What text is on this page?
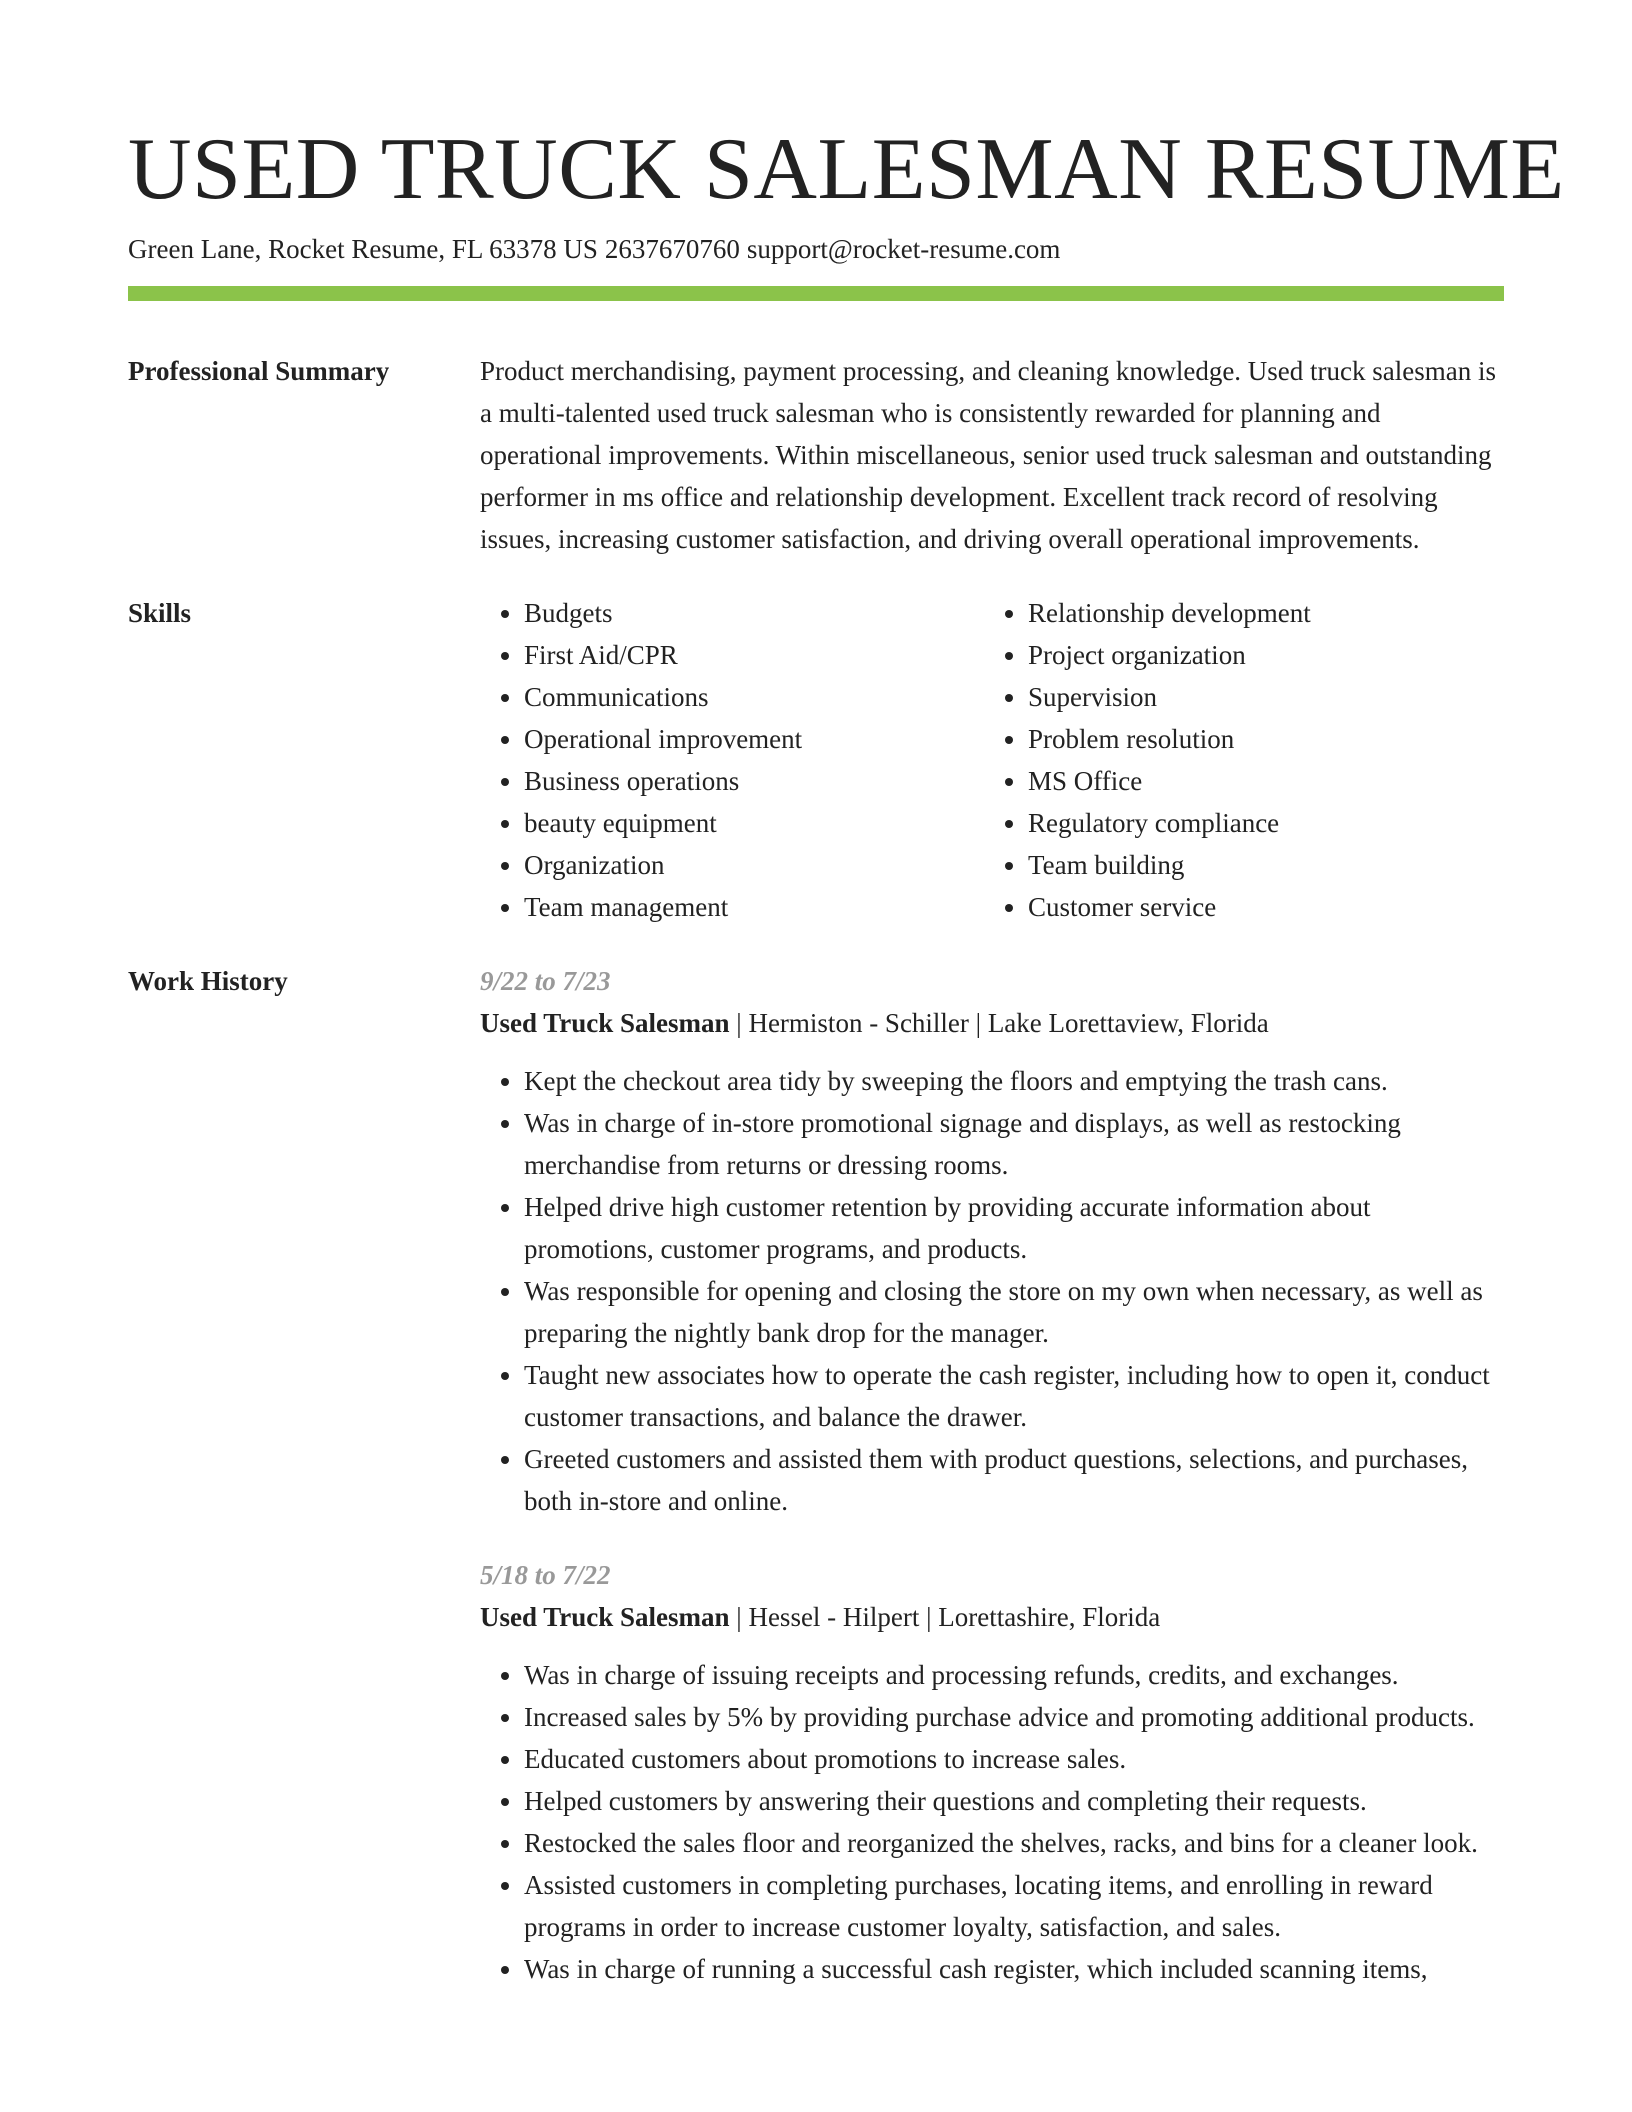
USED TRUCK SALESMAN RESUME
Green Lane, Rocket Resume, FL 63378 US 2637670760 support@rocket-resume.com
Professional Summary	Product merchandising, payment processing, and cleaning knowledge. Used truck salesman is a multi-talented used truck salesman who is consistently rewarded for planning and operational improvements. Within miscellaneous, senior used truck salesman and outstanding performer in ms office and relationship development. Excellent track record of resolving issues, increasing customer satisfaction, and driving overall operational improvements.

Skills
•	Budgets
• First Aid/CPR
• Communications
• Operational improvement
• Business operations
• beauty equipment
• Organization
• Team management
• Relationship development
• Project organization
• Supervision
• Problem resolution
• MS Office
• Regulatory compliance
• Team building
• Customer service
Work History	9/22 to 7/23
Used Truck Salesman | Hermiston - Schiller | Lake Lorettaview, Florida
• Kept the checkout area tidy by sweeping the floors and emptying the trash cans.
• Was in charge of in-store promotional signage and displays, as well as restocking merchandise from returns or dressing rooms.
• Helped drive high customer retention by providing accurate information about promotions, customer programs, and products.
• Was responsible for opening and closing the store on my own when necessary, as well as preparing the nightly bank drop for the manager.
• Taught new associates how to operate the cash register, including how to open it, conduct customer transactions, and balance the drawer.
• Greeted customers and assisted them with product questions, selections, and purchases, both in-store and online.
5/18 to 7/22
Used Truck Salesman | Hessel - Hilpert | Lorettashire, Florida
• Was in charge of issuing receipts and processing refunds, credits, and exchanges.
• Increased sales by 5% by providing purchase advice and promoting additional products.
• Educated customers about promotions to increase sales.
• Helped customers by answering their questions and completing their requests.
• Restocked the sales floor and reorganized the shelves, racks, and bins for a cleaner look.
• Assisted customers in completing purchases, locating items, and enrolling in reward programs in order to increase customer loyalty, satisfaction, and sales.
• Was in charge of running a successful cash register, which included scanning items,
